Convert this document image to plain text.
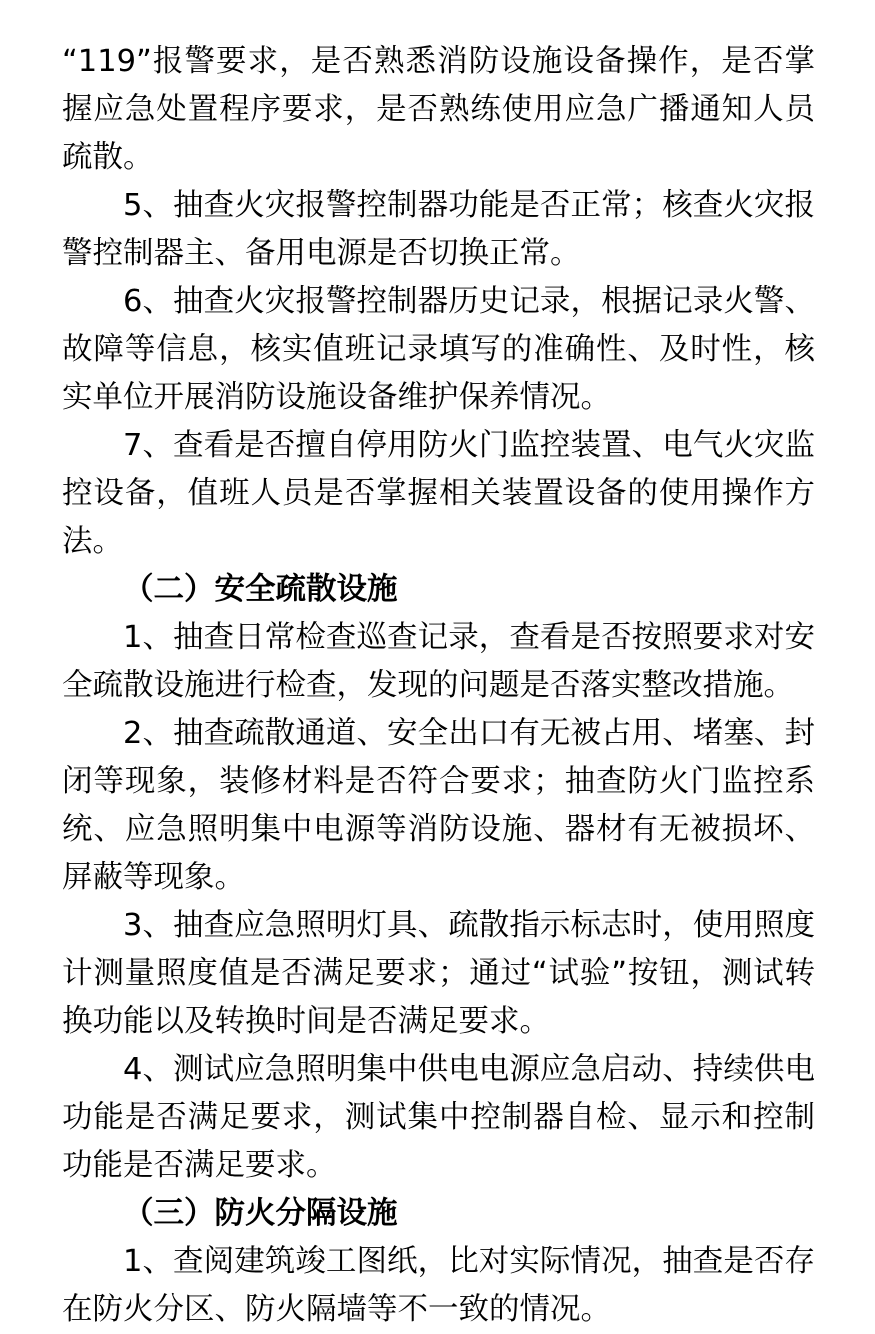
“119”报警要求，是否熟悉消防设施设备操作，是否掌握应急处置程序要求，是否熟练使用应急广播通知人员疏散。

5、抽查火灾报警控制器功能是否正常；核查火灾报警控制器主、备用电源是否切换正常。

6、抽查火灾报警控制器历史记录，根据记录火警、故障等信息，核实值班记录填写的准确性、及时性，核实单位开展消防设施设备维护保养情况。

7、查看是否擅自停用防火门监控装置、电气火灾监控设备，值班人员是否掌握相关装置设备的使用操作方法。

（二）安全疏散设施

1、抽查日常检查巡查记录，查看是否按照要求对安全疏散设施进行检查，发现的问题是否落实整改措施。

2、抽查疏散通道、安全出口有无被占用、堵塞、封闭等现象，装修材料是否符合要求；抽查防火门监控系统、应急照明集中电源等消防设施、器材有无被损坏、屏蔽等现象。

3、抽查应急照明灯具、疏散指示标志时，使用照度计测量照度值是否满足要求；通过“试验”按钮，测试转换功能以及转换时间是否满足要求。

4、测试应急照明集中供电电源应急启动、持续供电功能是否满足要求，测试集中控制器自检、显示和控制功能是否满足要求。

（三）防火分隔设施

1、查阅建筑竣工图纸，比对实际情况，抽查是否存在防火分区、防火隔墙等不一致的情况。
